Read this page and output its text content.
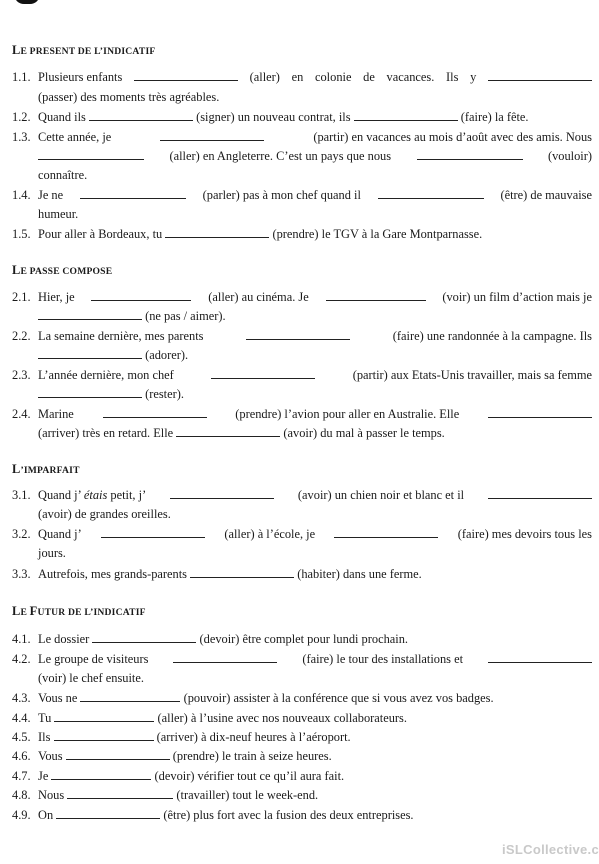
LE PRESENT DE L’INDICATIF
1.1. Plusieurs enfants	(aller) en colonie de vacances. Ils y
(passer) des moments très agréables.
1.2. Quand ils	(signer) un nouveau contrat, ils	(faire) la fête.
1.3. Cette année, je	(partir) en vacances au mois d’août avec des amis. Nous
(aller) en Angleterre. C’est un pays que nous	(vouloir)
connaître.
1.4. Je ne	(parler) pas à mon chef quand il	(être) de mauvaise
humeur.
1.5. Pour aller à Bordeaux, tu	(prendre) le TGV à la Gare Montparnasse.
LE PASSE COMPOSE
2.1. Hier, je	(aller) au cinéma. Je	(voir) un film d’action mais je
(ne pas / aimer).
2.2. La semaine dernière, mes parents	(faire) une randonnée à la campagne. Ils
(adorer).
2.3. L’année dernière, mon chef	(partir) aux Etats-Unis travailler, mais sa femme
(rester).
2.4. Marine	(prendre) l’avion pour aller en Australie. Elle
(arriver) très en retard. Elle	(avoir) du mal à passer le temps.
L’IMPARFAIT
3.1. Quand j’ étais petit, j’	(avoir) un chien noir et blanc et il
(avoir) de grandes oreilles.
3.2. Quand j’	(aller) à l’école, je	(faire) mes devoirs tous les
jours.
3.3. Autrefois, mes grands-parents	(habiter) dans une ferme.
LE FUTUR DE L’INDICATIF
4.1. Le dossier	(devoir) être complet pour lundi prochain.
4.2. Le groupe de visiteurs	(faire) le tour des installations et
(voir) le chef ensuite.
4.3. Vous ne	(pouvoir) assister à la conférence que si vous avez vos badges.
4.4. Tu	(aller) à l’usine avec nos nouveaux collaborateurs.
4.5. Ils	(arriver) à dix-neuf heures à l’aéroport.
4.6. Vous	(prendre) le train à seize heures.
4.7. Je	(devoir) vérifier tout ce qu’il aura fait.
4.8. Nous	(travailler) tout le week-end.
4.9. On	(être) plus fort avec la fusion des deux entreprises.
iSLCollective.c
